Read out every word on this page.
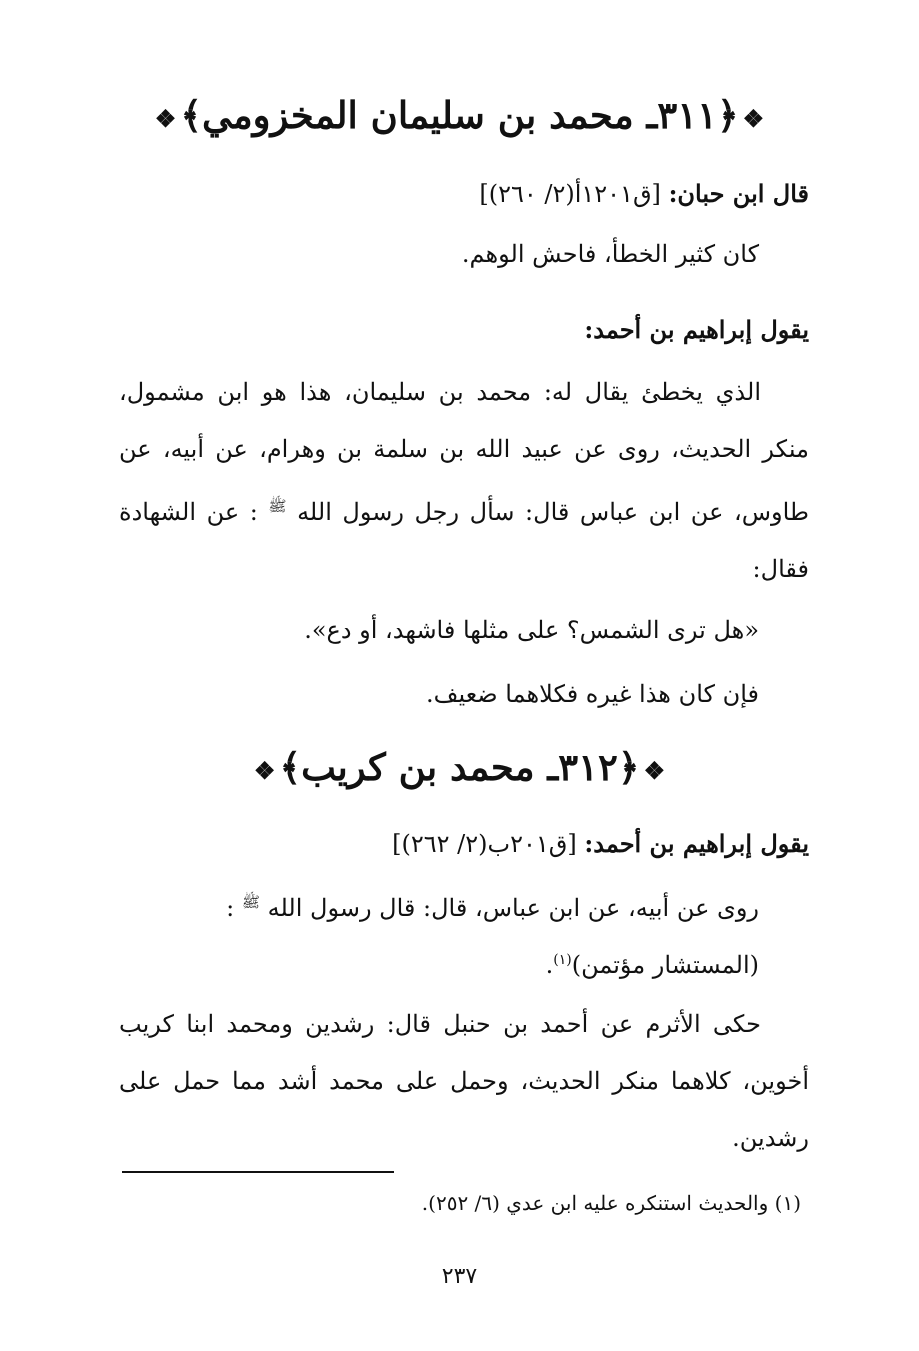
❖﴿٣١١ـ محمد بن سليمان المخزومي﴾❖
قال ابن حبان: [ق١٢٠١أ(٢/ ٢٦٠)]
كان كثير الخطأ، فاحش الوهم.
يقول إبراهيم بن أحمد:
الذي يخطئ يقال له: محمد بن سليمان، هذا هو ابن مشمول، منكر الحديث، روى عن عبيد الله بن سلمة بن وهرام، عن أبيه، عن طاوس، عن ابن عباس قال: سأل رجل رسول الله $^ﷺ$ : عن الشهادة فقال:
«هل ترى الشمس؟ على مثلها فاشهد، أو دع».
فإن كان هذا غيره فكلاهما ضعيف.
❖﴿٣١٢ـ محمد بن كريب﴾❖
يقول إبراهيم بن أحمد: [ق٢٠١ب(٢/ ٢٦٢)]
روى عن أبيه، عن ابن عباس، قال: قال رسول الله $^ﷺ$ :
(المستشار مؤتمن)$^{(١)}$.
حكى الأثرم عن أحمد بن حنبل قال: رشدين ومحمد ابنا كريب أخوين، كلاهما منكر الحديث، وحمل على محمد أشد مما حمل على رشدين.
(١) والحديث استنكره عليه ابن عدي (٦/ ٢٥٢).
٢٣٧
